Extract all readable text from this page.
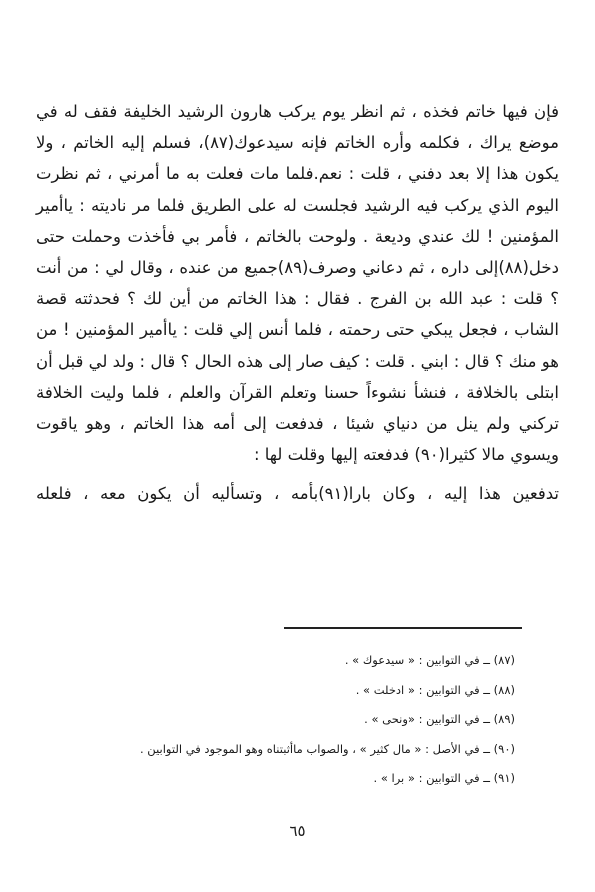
فإن فيها خاتم فخذه ، ثم انظر يوم يركب هارون الرشيد الخليفة فقف له في موضع يراك ، فكلمه وأره الخاتم فإنه سيدعوك(٨٧)، فسلم إليه الخاتم ، ولا يكون هذا إلا بعد دفني ، قلت : نعم.فلما مات فعلت به ما أمرني ، ثم نظرت اليوم الذي يركب فيه الرشيد فجلست له على الطريق فلما مر ناديته : ياأمير المؤمنين ! لك عندي وديعة . ولوحت بالخاتم ، فأمر بي فأخذت وحملت حتى دخل(٨٨)إلى داره ، ثم دعاني وصرف(٨٩)جميع من عنده ، وقال لي : من أنت ؟ قلت : عبد الله بن الفرج . فقال : هذا الخاتم من أين لك ؟ فحدثته قصة الشاب ، فجعل يبكي حتى رحمته ، فلما أنس إلي قلت : ياأمير المؤمنين ! من هو منك ؟ قال : ابني . قلت : كيف صار إلى هذه الحال ؟ قال : ولد لي قبل أن ابتلى بالخلافة ، فنشأ نشوءاً حسنا وتعلم القرآن والعلم ، فلما وليت الخلافة تركني ولم ينل من دنياي شيئا ، فدفعت إلى أمه هذا الخاتم ، وهو ياقوت ويسوي مالا كثيرا(٩٠) فدفعته إليها وقلت لها :

تدفعين هذا إليه ، وكان بارا(٩١)بأمه ، وتسأليه أن يكون معه ، فلعله

(٨٧) ــ في التوابين : « سيدعوك » .
(٨٨) ــ في التوابين : « ادخلت » .
(٨٩) ــ في التوابين : «ونحى » .
(٩٠) ــ في الأصل : « مال كثير » ، والصواب ماأثبتناه وهو الموجود في التوابين .
(٩١) ــ في التوابين : « برا » .
٦٥
